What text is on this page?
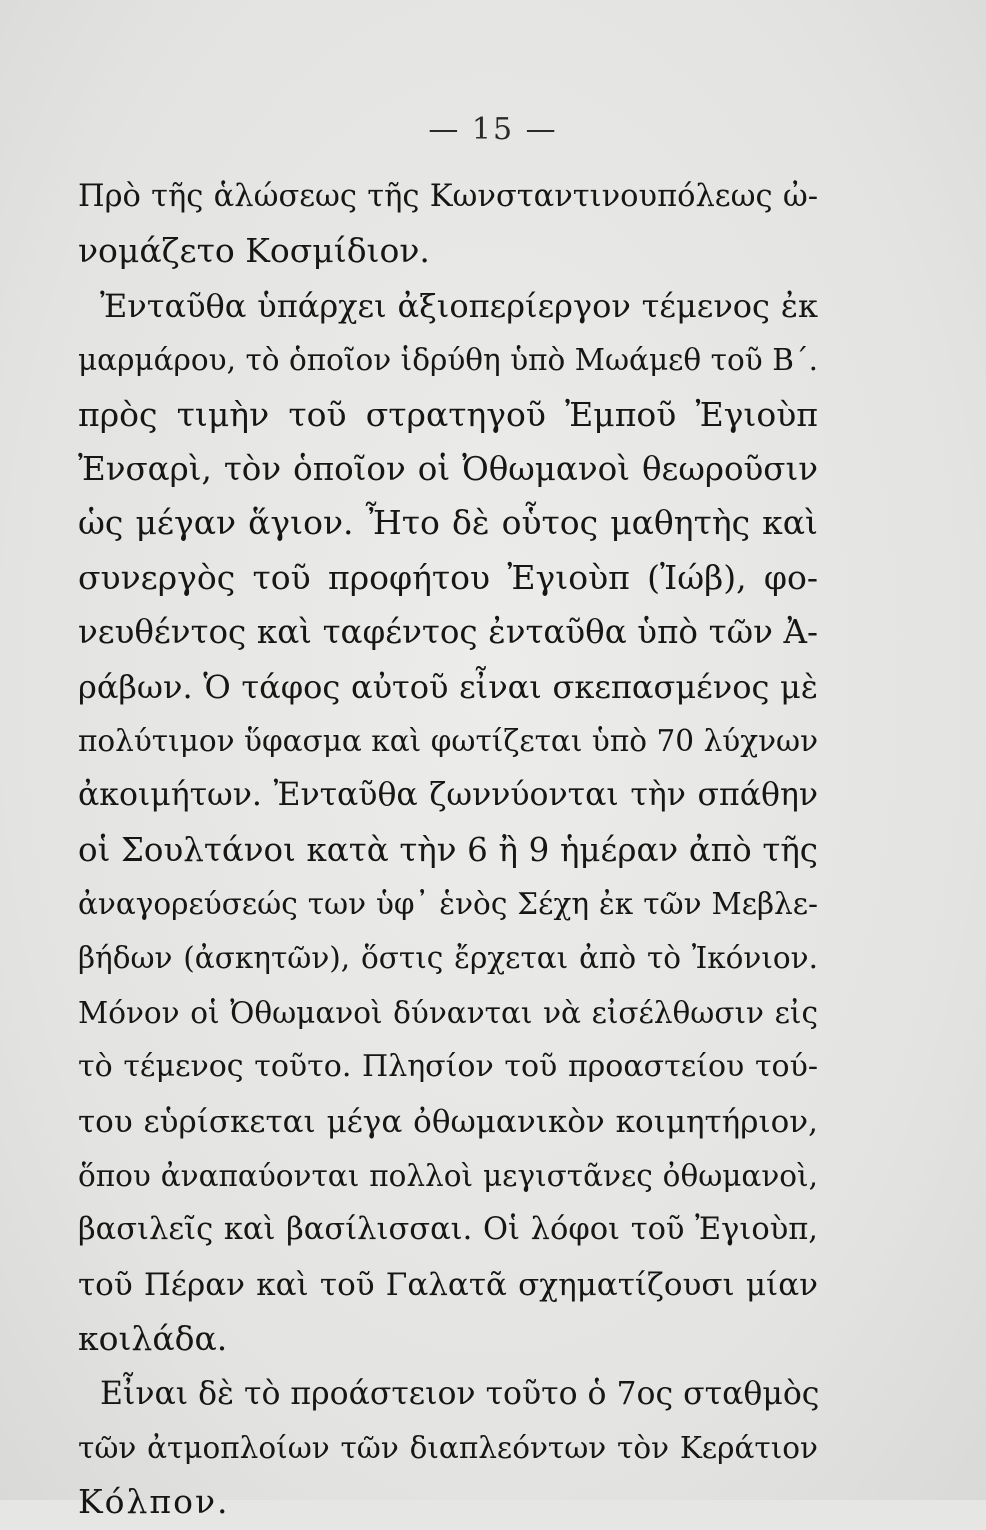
— 15 —
Πρὸ τῆς ἁλώσεως τῆς Κωνσταντινουπόλεως ὠ-
νομάζετο Κοσμίδιον.
Ἐνταῦθα ὑπάρχει ἀξιοπερίεργον τέμενος ἐκ
μαρμάρου, τὸ ὁποῖον ἱδρύθη ὑπὸ Μωάμεθ τοῦ Β΄.
πρὸς τιμὴν τοῦ στρατηγοῦ Ἐμποῦ Ἐγιοὺπ
Ἐνσαρὶ, τὸν ὁποῖον οἱ Ὀθωμανοὶ θεωροῦσιν
ὡς μέγαν ἅγιον. Ἦτο δὲ οὗτος μαθητὴς καὶ
συνεργὸς τοῦ προφήτου Ἐγιοὺπ (Ἰώβ), φο-
νευθέντος καὶ ταφέντος ἐνταῦθα ὑπὸ τῶν Ἀ-
ράβων. Ὁ τάφος αὐτοῦ εἶναι σκεπασμένος μὲ
πολύτιμον ὕφασμα καὶ φωτίζεται ὑπὸ 70 λύχνων
ἀκοιμήτων. Ἐνταῦθα ζωννύονται τὴν σπάθην
οἱ Σουλτάνοι κατὰ τὴν 6 ἢ 9 ἡμέραν ἀπὸ τῆς
ἀναγορεύσεώς των ὑφ᾽ ἑνὸς Σέχη ἐκ τῶν Μεβλε-
βήδων (ἀσκητῶν), ὅστις ἔρχεται ἀπὸ τὸ Ἰκόνιον.
Μόνον οἱ Ὀθωμανοὶ δύνανται νὰ εἰσέλθωσιν εἰς
τὸ τέμενος τοῦτο. Πλησίον τοῦ προαστείου τού-
του εὑρίσκεται μέγα ὀθωμανικὸν κοιμητήριον,
ὅπου ἀναπαύονται πολλοὶ μεγιστᾶνες ὀθωμανοὶ,
βασιλεῖς καὶ βασίλισσαι. Οἱ λόφοι τοῦ Ἐγιοὺπ,
τοῦ Πέραν καὶ τοῦ Γαλατᾶ σχηματίζουσι μίαν
κοιλάδα.
Εἶναι δὲ τὸ προάστειον τοῦτο ὁ 7ος σταθμὸς
τῶν ἀτμοπλοίων τῶν διαπλεόντων τὸν Κεράτιον
Κόλπον.
